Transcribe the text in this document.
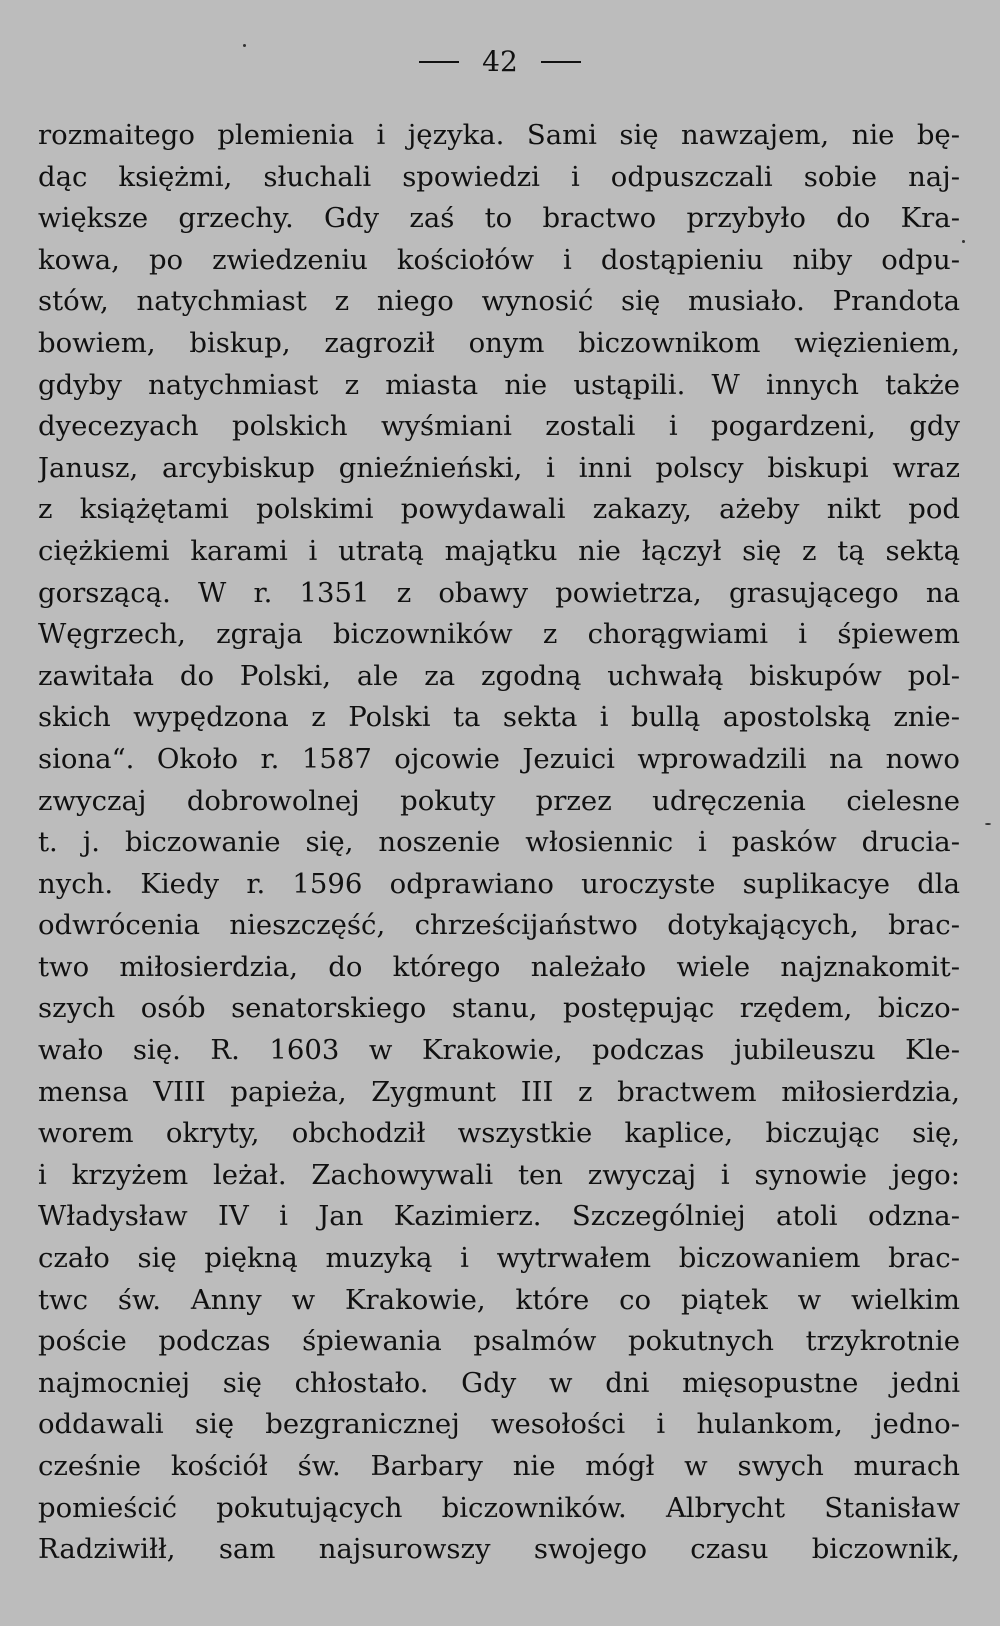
42
rozmaitego plemienia i języka. Sami się nawzajem, nie bę-
dąc księżmi, słuchali spowiedzi i odpuszczali sobie naj-
większe grzechy. Gdy zaś to bractwo przybyło do Kra-
kowa, po zwiedzeniu kościołów i dostąpieniu niby odpu-
stów, natychmiast z niego wynosić się musiało. Prandota
bowiem, biskup, zagroził onym biczownikom więzieniem,
gdyby natychmiast z miasta nie ustąpili. W innych także
dyecezyach polskich wyśmiani zostali i pogardzeni, gdy
Janusz, arcybiskup gnieźnieński, i inni polscy biskupi wraz
z książętami polskimi powydawali zakazy, ażeby nikt pod
ciężkiemi karami i utratą majątku nie łączył się z tą sektą
gorszącą. W r. 1351 z obawy powietrza, grasującego na
Węgrzech, zgraja biczowników z chorągwiami i śpiewem
zawitała do Polski, ale za zgodną uchwałą biskupów pol-
skich wypędzona z Polski ta sekta i bullą apostolską znie-
siona“. Około r. 1587 ojcowie Jezuici wprowadzili na nowo
zwyczaj dobrowolnej pokuty przez udręczenia cielesne
t. j. biczowanie się, noszenie włosiennic i pasków drucia-
nych. Kiedy r. 1596 odprawiano uroczyste suplikacye dla
odwrócenia nieszczęść, chrześcijaństwo dotykających, brac-
two miłosierdzia, do którego należało wiele najznakomit-
szych osób senatorskiego stanu, postępując rzędem, biczo-
wało się. R. 1603 w Krakowie, podczas jubileuszu Kle-
mensa VIII papieża, Zygmunt III z bractwem miłosierdzia,
worem okryty, obchodził wszystkie kaplice, biczując się,
i krzyżem leżał. Zachowywali ten zwyczaj i synowie jego:
Władysław IV i Jan Kazimierz. Szczególniej atoli odzna-
czało się piękną muzyką i wytrwałem biczowaniem brac-
twc św. Anny w Krakowie, które co piątek w wielkim
poście podczas śpiewania psalmów pokutnych trzykrotnie
najmocniej się chłostało. Gdy w dni mięsopustne jedni
oddawali się bezgranicznej wesołości i hulankom, jedno-
cześnie kościół św. Barbary nie mógł w swych murach
pomieścić pokutujących biczowników. Albrycht Stanisław
Radziwiłł, sam najsurowszy swojego czasu biczownik,
